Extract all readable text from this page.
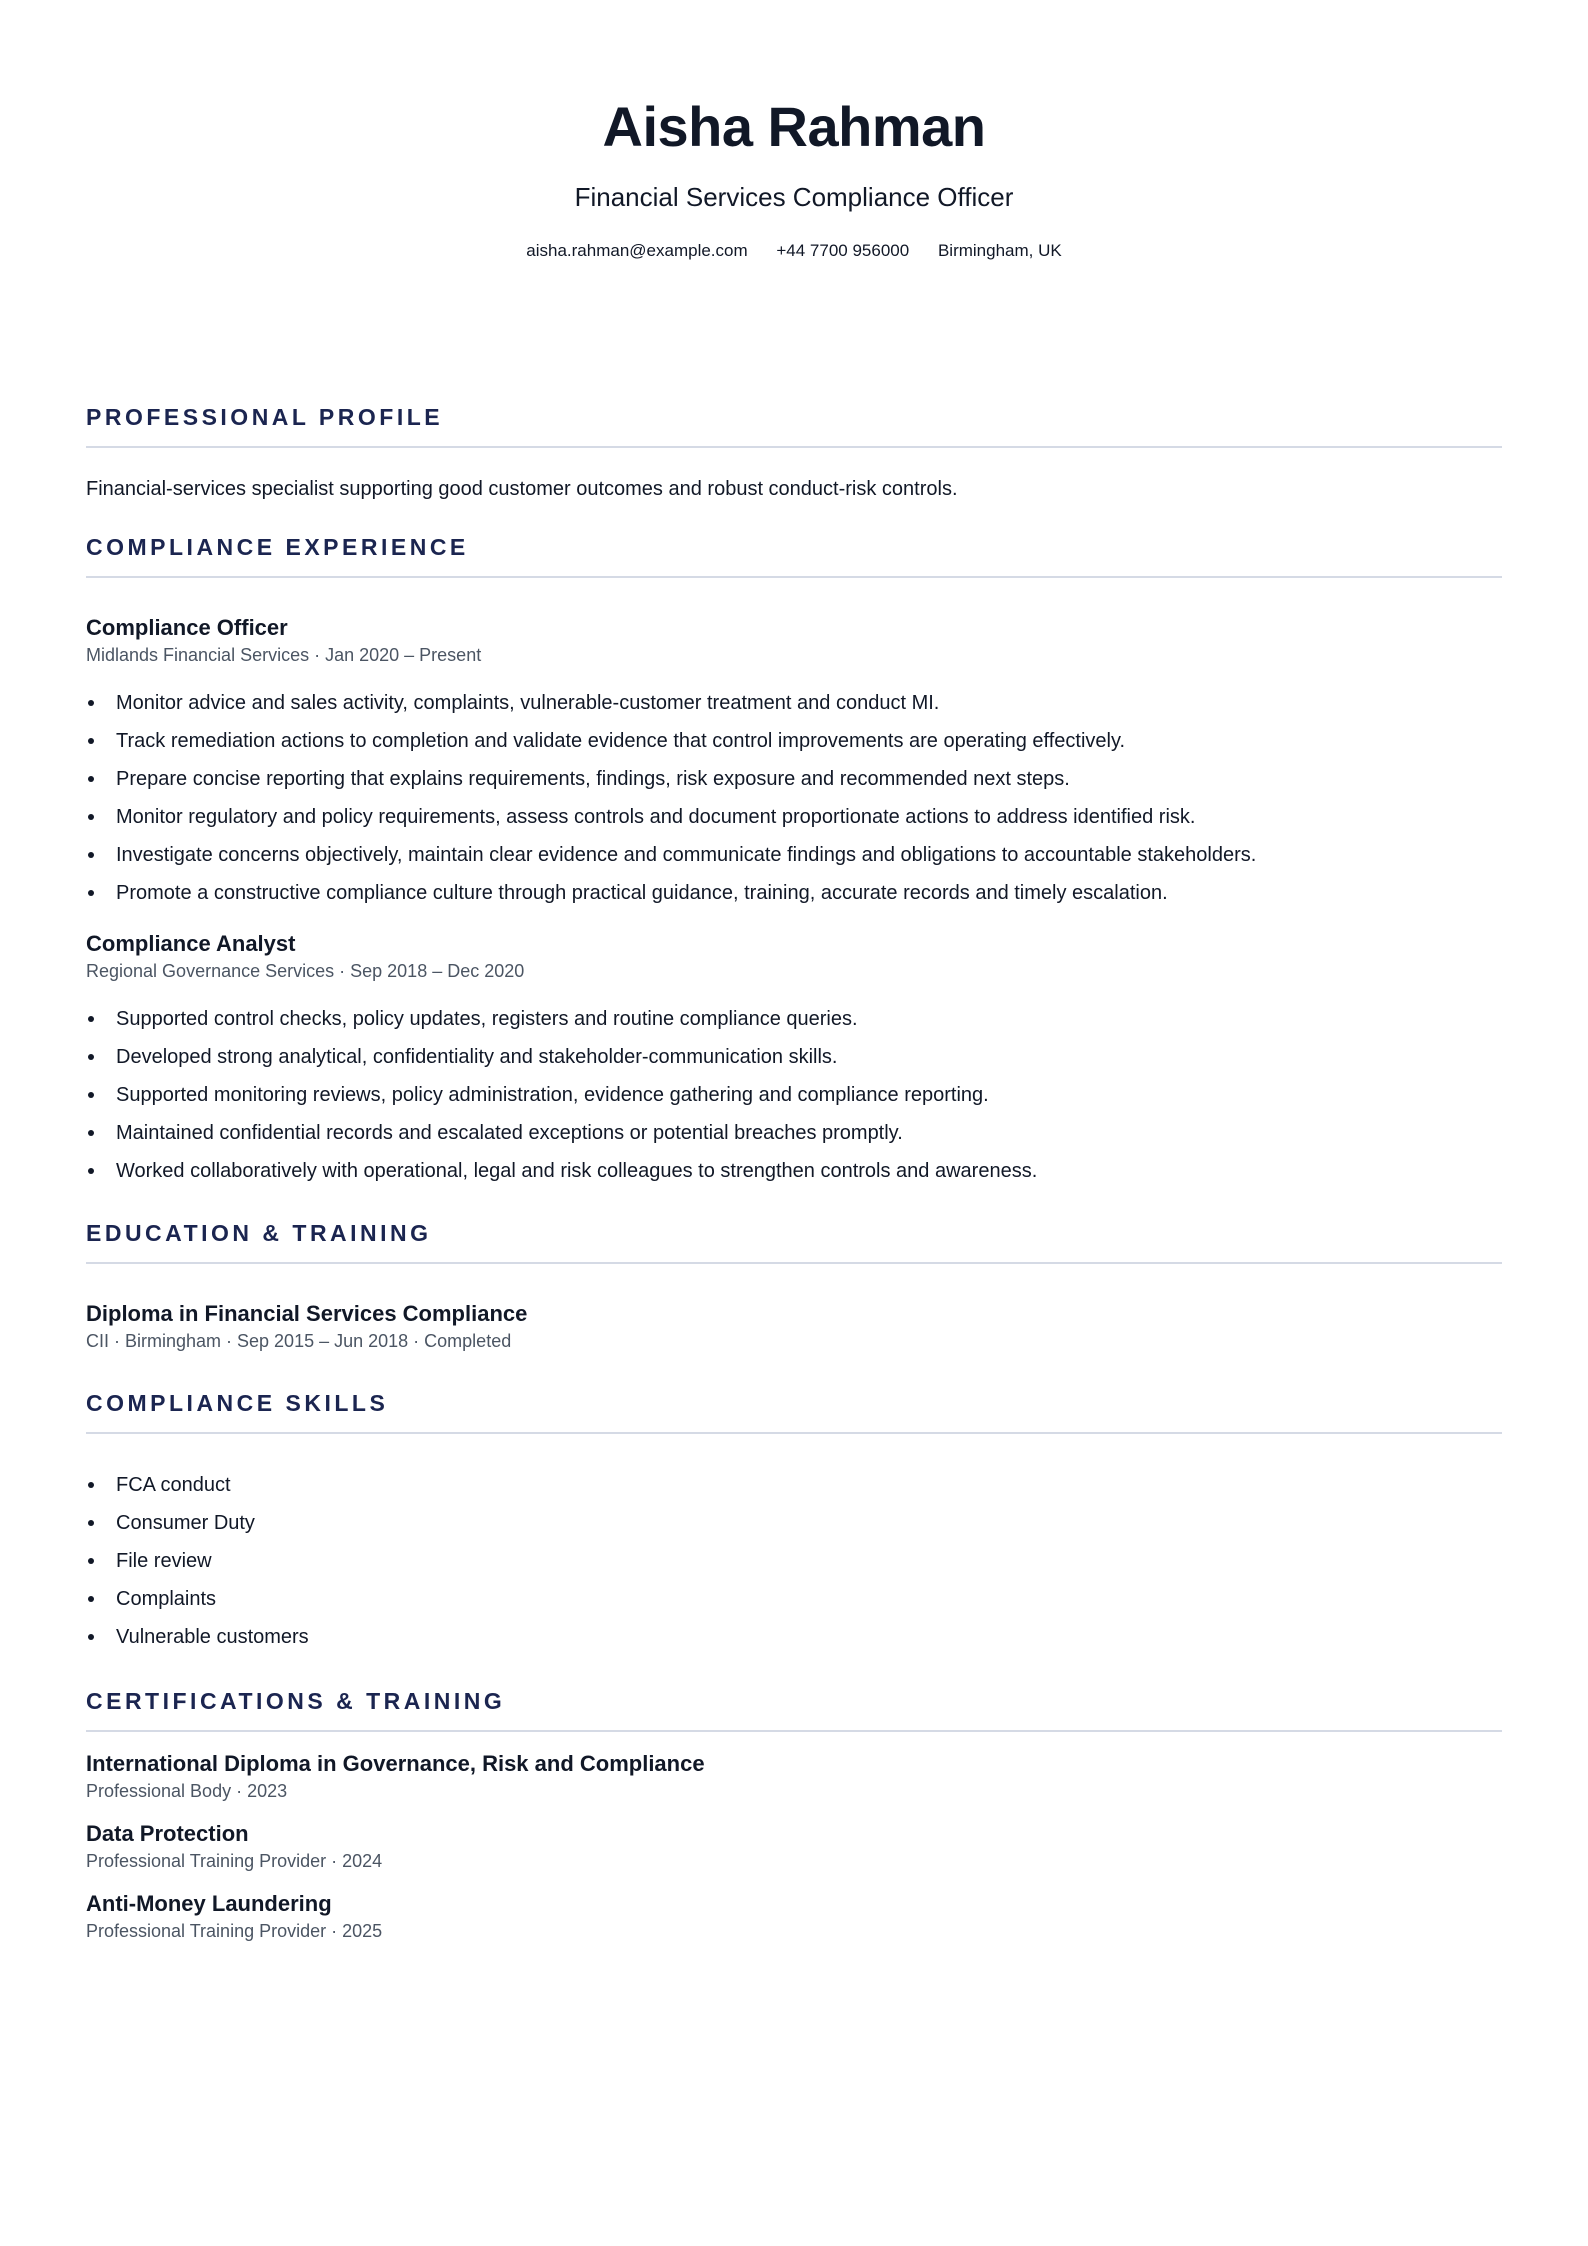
Aisha Rahman
Financial Services Compliance Officer
aisha.rahman@example.com +44 7700 956000 Birmingham, UK
PROFESSIONAL PROFILE
Financial-services specialist supporting good customer outcomes and robust conduct-risk controls.
COMPLIANCE EXPERIENCE
Compliance Officer
Midlands Financial Services · Jan 2020 – Present
Monitor advice and sales activity, complaints, vulnerable-customer treatment and conduct MI.
Track remediation actions to completion and validate evidence that control improvements are operating effectively.
Prepare concise reporting that explains requirements, findings, risk exposure and recommended next steps.
Monitor regulatory and policy requirements, assess controls and document proportionate actions to address identified risk.
Investigate concerns objectively, maintain clear evidence and communicate findings and obligations to accountable stakeholders.
Promote a constructive compliance culture through practical guidance, training, accurate records and timely escalation.
Compliance Analyst
Regional Governance Services · Sep 2018 – Dec 2020
Supported control checks, policy updates, registers and routine compliance queries.
Developed strong analytical, confidentiality and stakeholder-communication skills.
Supported monitoring reviews, policy administration, evidence gathering and compliance reporting.
Maintained confidential records and escalated exceptions or potential breaches promptly.
Worked collaboratively with operational, legal and risk colleagues to strengthen controls and awareness.
EDUCATION & TRAINING
Diploma in Financial Services Compliance
CII · Birmingham · Sep 2015 – Jun 2018 · Completed
COMPLIANCE SKILLS
FCA conduct
Consumer Duty
File review
Complaints
Vulnerable customers
CERTIFICATIONS & TRAINING
International Diploma in Governance, Risk and Compliance
Professional Body · 2023
Data Protection
Professional Training Provider · 2024
Anti-Money Laundering
Professional Training Provider · 2025
